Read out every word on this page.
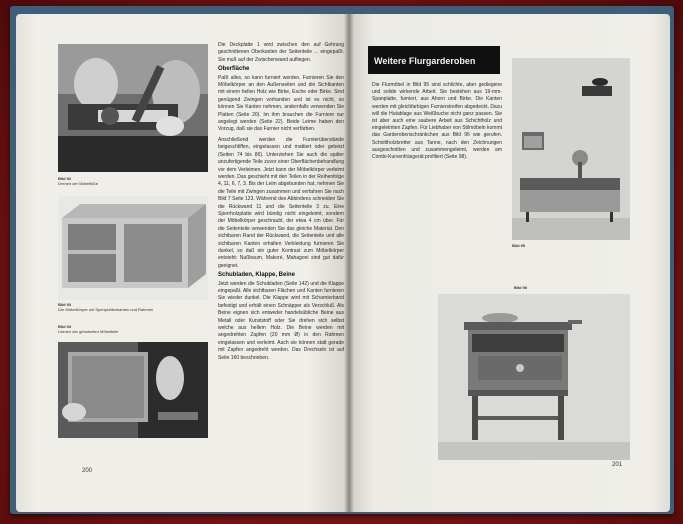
Bild 92
Drehen der Möbelfüße
Bild 93
Der Möbelkörper mit Sperrplattenkanten und Rahmen

Die Deckplatte 1 wird zwischen den auf Gehrung geschnittenen Oberkanten der Seitenteile ... eingepaßt. Sie muß auf der Zwischenwand aufliegen.

Oberfläche

Paßt alles, so kann furniert werden. Furnieren Sie den Möbelkörper an den Außenseiten und die Sichtkanten mit einem hellen Holz wie Birke, Esche oder Birke. Sind genügend Zwingen vorhanden und ist es nicht, so können Sie Kanten nehmen, andernfalls verwenden Sie Platten (Seite 20). Im ihm brauchen die Furniere nur angelegt werden (Seite 22). Beide Leime haben den Vorzug, daß sie das Furnier nicht verfärben.

Anschließend werden die Furnierüberstände beigeschliffen, eingelassen und mattiert oder gebeizt (Seiten 74 bis 86). Unterziehen Sie auch die später anzufertigende Teile zuvor einer Oberflächenbehandlung vor dem Verleimen. Jetzt kann der Möbelkörper verleimt werden. Das geschieht mit den Teilen in der Reihenfolge 4, 11, 6, 7, 3. Bis der Leim abgebunden hat, nehmen Sie die Teile mit Zwingen zusammen und verfahren Sie nach Bild 7 Seite 123. Während des Abbindens schneiden Sie die Rückwand 11 und die Seitenteile 3 zu. Eine Sperrholzplatte wird bündig nicht eingeleimt, sondern der Möbelkörper geschraubt, der etwa 4 cm über. Für die Seitenteile verwenden Sie das gleiche Material. Den sichtbaren Rand der Rückwand, die Seitenteile und alle sichtbaren Kanten erhalten Verkleidung furnieren Sie dunkel, so daß ein guter Kontrast zum Möbelkörper entsteht: Nußbaum, Makoré, Mahagoni sind gut dafür geeignet.

Schubladen, Klappe, Beine

Jetzt werden die Schubladen (Seite 142) und die Klappe eingepaßt. Alle sichtbaren Flächen und Kanten furnieren Sie wieder dunkel. Die Klappe wird mit Scharnierband befestigt und erhält einen Schnäpper als Verschluß. Als Beine eignen sich entweder handelsübliche Beine aus Metall oder Kunststoff oder Sie drehen sich selbst welche aus hellem Holz. Die Beine werden mit angedrehten Zapfen (20 mm Ø) in den Rahmen eingelassen und verleimt. Auch sie können statt gerade mit Zapfen angedreht werden. Das Drechseln ist auf Seite 160 beschrieben.

Bild 94
Leimen der gehobelten Möbelteile
200
Weitere Flurgarderoben

Die Flurmöbel in Bild 95 sind schlichte, aber gediegene und solide wirkende Arbeit. Sie bestehen aus 19-mm-Spanplatte, furniert, aus Ahorn und Birke. Die Kanten werden mit gleichfarbigen Furnierstreifen abgedeckt. Dazu will die Hutablage aus Weißbuche nicht ganz passen. Sie ist aber auch eine saubere Arbeit aus Schichtholz und eingeleimten Zapfen. Für Liebhaber von Stilmöbeln kommt das Garderobenschränkchen aus Bild 96 wie gerufen. Schnittholzbretter aus Tanne, nach den Zeichnungen ausgeschnitten und zusammengeleimt, werden am Combi-Kurvenfräsgerät profiliert (Seite 98).

Bild 95
Bild 96
201
